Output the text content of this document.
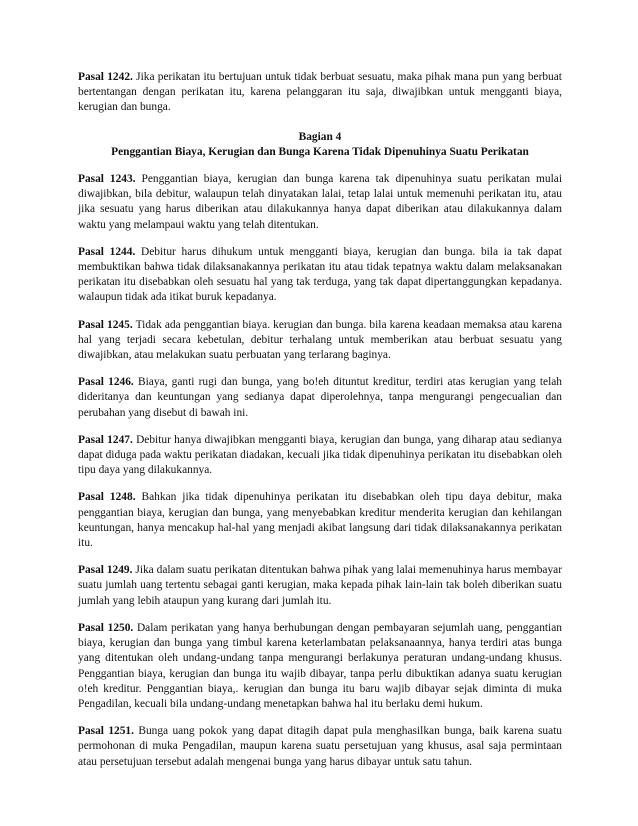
Pasal 1242. Jika perikatan itu bertujuan untuk tidak berbuat sesuatu, maka pihak mana pun yang berbuat bertentangan dengan perikatan itu, karena pelanggaran itu saja, diwajibkan untuk mengganti biaya, kerugian dan bunga.

Bagian 4
Penggantian Biaya, Kerugian dan Bunga Karena Tidak Dipenuhinya Suatu Perikatan

Pasal 1243. Penggantian biaya, kerugian dan bunga karena tak dipenuhinya suatu perikatan mulai diwajibkan, bila debitur, walaupun telah dinyatakan lalai, tetap lalai untuk memenuhi perikatan itu, atau jika sesuatu yang harus diberikan atau dilakukannya hanya dapat diberikan atau dilakukannya dalam waktu yang melampaui waktu yang telah ditentukan.

Pasal 1244. Debitur harus dihukum untuk mengganti biaya, kerugian dan bunga. bila ia tak dapat membuktikan bahwa tidak dilaksanakannya perikatan itu atau tidak tepatnya waktu dalam melaksanakan perikatan itu disebabkan oleh sesuatu hal yang tak terduga, yang tak dapat dipertanggungkan kepadanya. walaupun tidak ada itikat buruk kepadanya.

Pasal 1245. Tidak ada penggantian biaya. kerugian dan bunga. bila karena keadaan memaksa atau karena hal yang terjadi secara kebetulan, debitur terhalang untuk memberikan atau berbuat sesuatu yang diwajibkan, atau melakukan suatu perbuatan yang terlarang baginya.

Pasal 1246. Biaya, ganti rugi dan bunga, yang bo!eh dituntut kreditur, terdiri atas kerugian yang telah dideritanya dan keuntungan yang sedianya dapat diperolehnya, tanpa mengurangi pengecualian dan perubahan yang disebut di bawah ini.

Pasal 1247. Debitur hanya diwajibkan mengganti biaya, kerugian dan bunga, yang diharap atau sedianya dapat diduga pada waktu perikatan diadakan, kecuali jika tidak dipenuhinya perikatan itu disebabkan oleh tipu daya yang dilakukannya.

Pasal 1248. Bahkan jika tidak dipenuhinya perikatan itu disebabkan oleh tipu daya debitur, maka penggantian biaya, kerugian dan bunga, yang menyebabkan kreditur menderita kerugian dan kehilangan keuntungan, hanya mencakup hal-hal yang menjadi akibat langsung dari tidak dilaksanakannya perikatan itu.

Pasal 1249. Jika dalam suatu perikatan ditentukan bahwa pihak yang lalai memenuhinya harus membayar suatu jumlah uang tertentu sebagai ganti kerugian, maka kepada pihak lain-lain tak boleh diberikan suatu jumlah yang lebih ataupun yang kurang dari jumlah itu.

Pasal 1250. Dalam perikatan yang hanya berhubungan dengan pembayaran sejumlah uang, penggantian biaya, kerugian dan bunga yang timbul karena keterlambatan pelaksanaannya, hanya terdiri atas bunga yang ditentukan oleh undang-undang tanpa mengurangi berlakunya peraturan undang-undang khusus. Penggantian biaya, kerugian dan bunga itu wajib dibayar, tanpa perlu dibuktikan adanya suatu kerugian o!eh kreditur. Penggantian biaya,. kerugian dan bunga itu baru wajib dibayar sejak diminta di muka Pengadilan, kecuali bila undang-undang menetapkan bahwa hal itu berlaku demi hukum.

Pasal 1251. Bunga uang pokok yang dapat ditagih dapat pula menghasilkan bunga, baik karena suatu permohonan di muka Pengadilan, maupun karena suatu persetujuan yang khusus, asal saja permintaan atau persetujuan tersebut adalah mengenai bunga yang harus dibayar untuk satu tahun.
